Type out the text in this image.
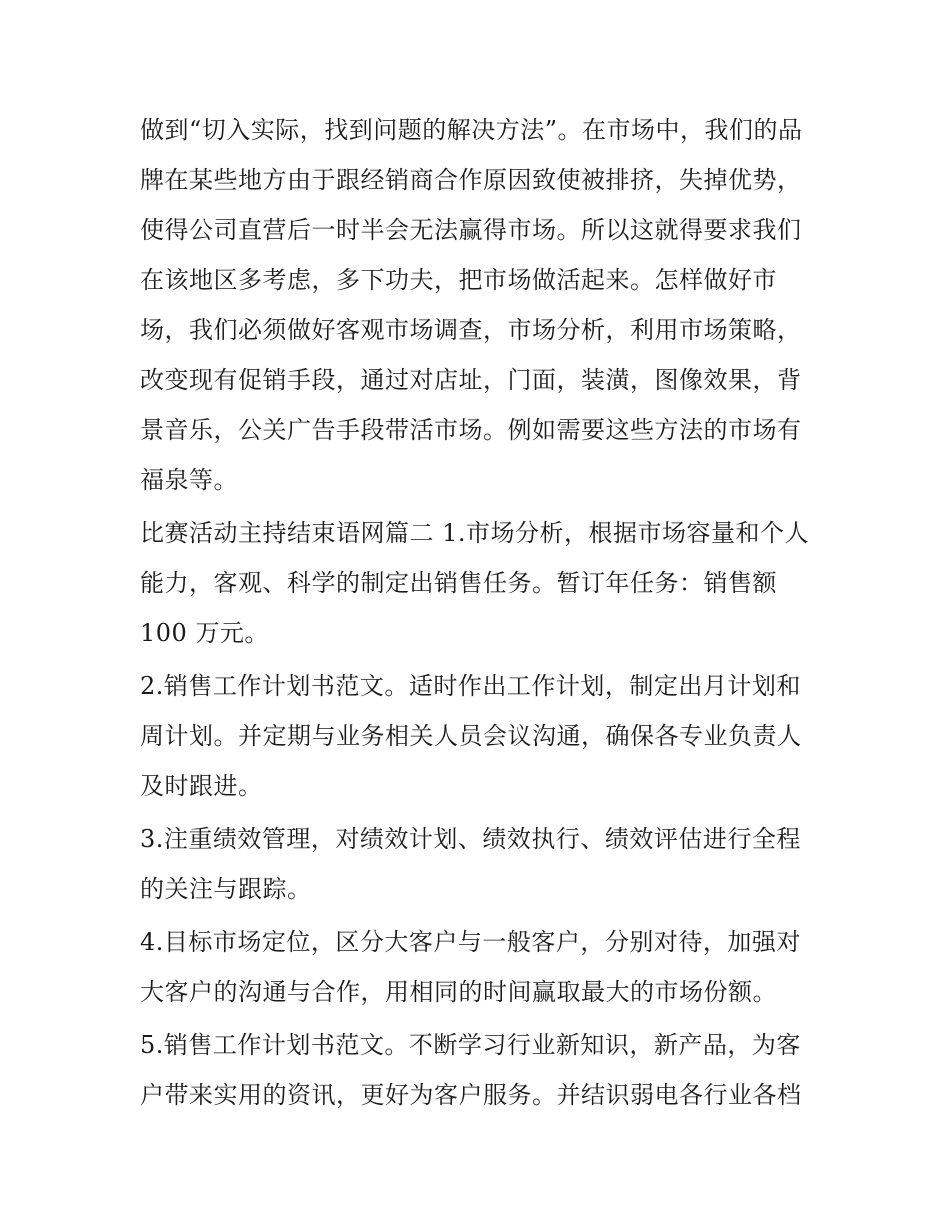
做到“切入实际，找到问题的解决方法”。在市场中，我们的品
牌在某些地方由于跟经销商合作原因致使被排挤，失掉优势，
使得公司直营后一时半会无法赢得市场。所以这就得要求我们
在该地区多考虑，多下功夫，把市场做活起来。怎样做好市
场，我们必须做好客观市场调查，市场分析，利用市场策略，
改变现有促销手段，通过对店址，门面，装潢，图像效果，背
景音乐，公关广告手段带活市场。例如需要这些方法的市场有
福泉等。
比赛活动主持结束语网篇二 1.市场分析，根据市场容量和个人
能力，客观、科学的制定出销售任务。暂订年任务：销售额
100 万元。
2.销售工作计划书范文。适时作出工作计划，制定出月计划和
周计划。并定期与业务相关人员会议沟通，确保各专业负责人
及时跟进。
3.注重绩效管理，对绩效计划、绩效执行、绩效评估进行全程
的关注与跟踪。
4.目标市场定位，区分大客户与一般客户，分别对待，加强对
大客户的沟通与合作，用相同的时间赢取最大的市场份额。
5.销售工作计划书范文。不断学习行业新知识，新产品，为客
户带来实用的资讯，更好为客户服务。并结识弱电各行业各档
